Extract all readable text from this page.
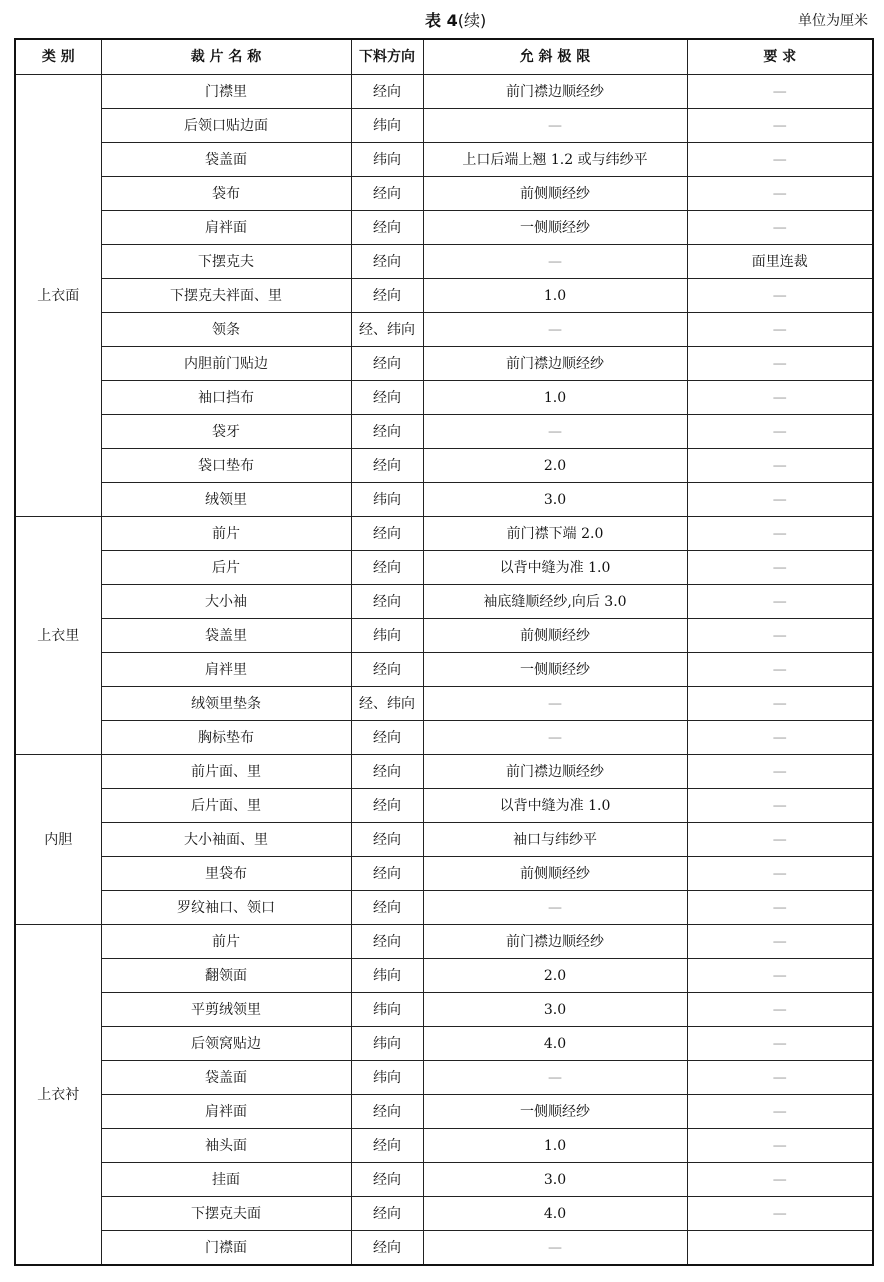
表 4(续)	单位为厘米
类 别	裁 片 名 称	下料方向	允 斜 极 限	要 求
上衣面	门襟里	经向	前门襟边顺经纱	—
	后领口贴边面	纬向	—	—
	袋盖面	纬向	上口后端上翘 1.2 或与纬纱平	—
	袋布	经向	前侧顺经纱	—
	肩袢面	经向	一侧顺经纱	—
	下摆克夫	经向	—	面里连裁
	下摆克夫袢面、里	经向	1.0	—
	领条	经、纬向	—	—
	内胆前门贴边	经向	前门襟边顺经纱	—
	袖口挡布	经向	1.0	—
	袋牙	经向	—	—
	袋口垫布	经向	2.0	—
	绒领里	纬向	3.0	—
上衣里	前片	经向	前门襟下端 2.0	—
	后片	经向	以背中缝为准 1.0	—
	大小袖	经向	袖底缝顺经纱,向后 3.0	—
	袋盖里	纬向	前侧顺经纱	—
	肩袢里	经向	一侧顺经纱	—
	绒领里垫条	经、纬向	—	—
	胸标垫布	经向	—	—
内胆	前片面、里	经向	前门襟边顺经纱	—
	后片面、里	经向	以背中缝为准 1.0	—
	大小袖面、里	经向	袖口与纬纱平	—
	里袋布	经向	前侧顺经纱	—
	罗纹袖口、领口	经向	—	—
上衣衬	前片	经向	前门襟边顺经纱	—
	翻领面	纬向	2.0	—
	平剪绒领里	纬向	3.0	—
	后领窝贴边	纬向	4.0	—
	袋盖面	纬向	—	—
	肩袢面	经向	一侧顺经纱	—
	袖头面	经向	1.0	—
	挂面	经向	3.0	—
	下摆克夫面	经向	4.0	—
	门襟面	经向	—	
